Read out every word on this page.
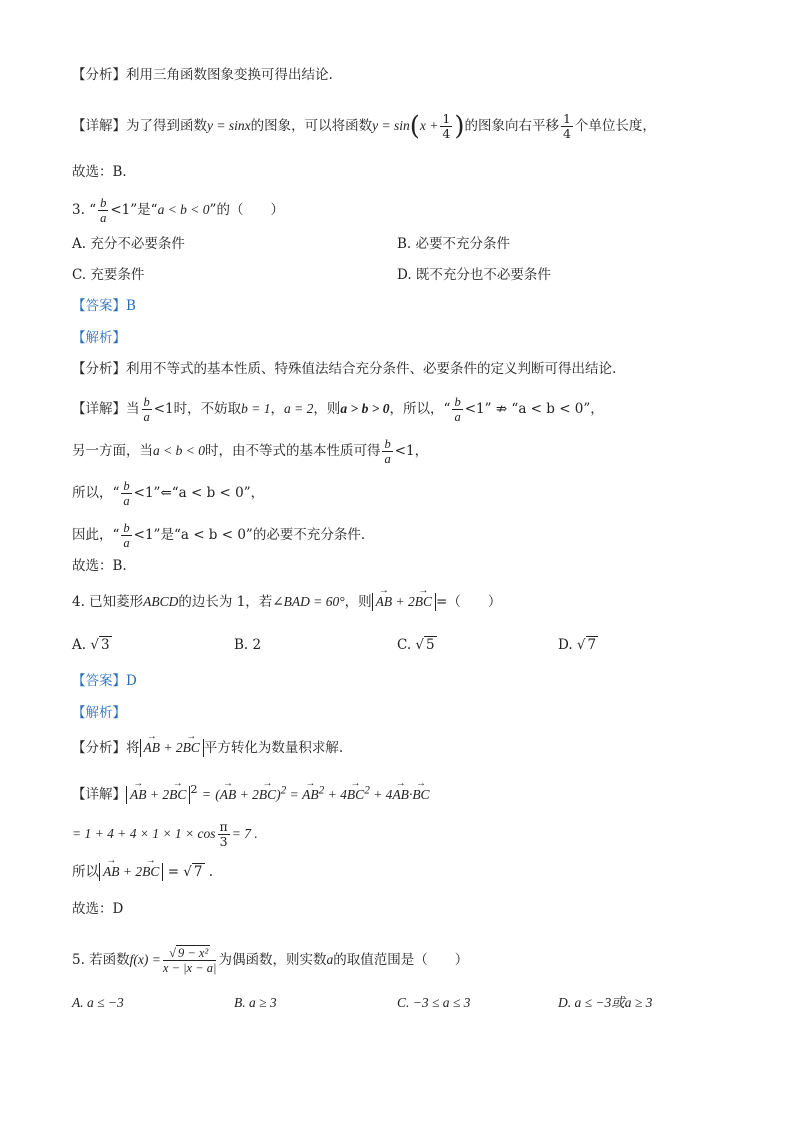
【分析】利用三角函数图象变换可得出结论.
【详解】为了得到函数y = sinx的图象，可以将函数$y = \sin(x + \frac{1}{4}$ )的图象向右平移 $\frac{1}{4}$ 个单位长度，
故选：B.
3. “ $\frac{b}{a} <1$”是“a < b < 0”的（　　）
A. 充分不必要条件	B. 必要不充分条件
C. 充要条件	D. 既不充分也不必要条件
【答案】B
【解析】
【分析】利用不等式的基本性质、特殊值法结合充分条件、必要条件的定义判断可得出结论.
【详解】当 $\frac{b}{a} <1$时，不妨取b = 1，a = 2，则a > b > 0，所以，“ $\frac{b}{a} <1$” ⇏ “a < b < 0”，
另一方面，当a < b < 0时，由不等式的基本性质可得 $\frac{b}{a} <1$，
所以，“ $\frac{b}{a}$ <1”⇐“a < b < 0”，
因此，“ $\frac{b}{a} <1$”是“a < b < 0”的必要不充分条件.
故选：B.
4. 已知菱形ABCD的边长为 1，若∠BAD = 60°，则 → AB + 2→ BC =（　　）
A. √ 3	B. 2	C. √ 5	D. √ 7
【答案】D
【解析】
【分析】将 → AB + 2→ BC 平方转化为数量积求解.
【详解】 → AB + 2→ BC $^2$ = (→ AB + 2→ BC)$^2$ = → $AB^2 + 4\to BC^2 + 4\to AB\cdot\to$ BC
= $1 + 4 + 4 \times 1 \times 1 \times \cos \frac{\pi}{3} = 7$ .
所以 → AB + 2→ BC = √ 7 .
故选：D
5. 若函数$f(x) = \frac{\text{√ 9 − x²}}{x - |x - a|}$ 为偶函数，则实数a的取值范围是（　　）
A. a ≤ −3	B. a ≥ 3	C. −3 ≤ a ≤ 3	D. a ≤ −3或a ≥ 3
